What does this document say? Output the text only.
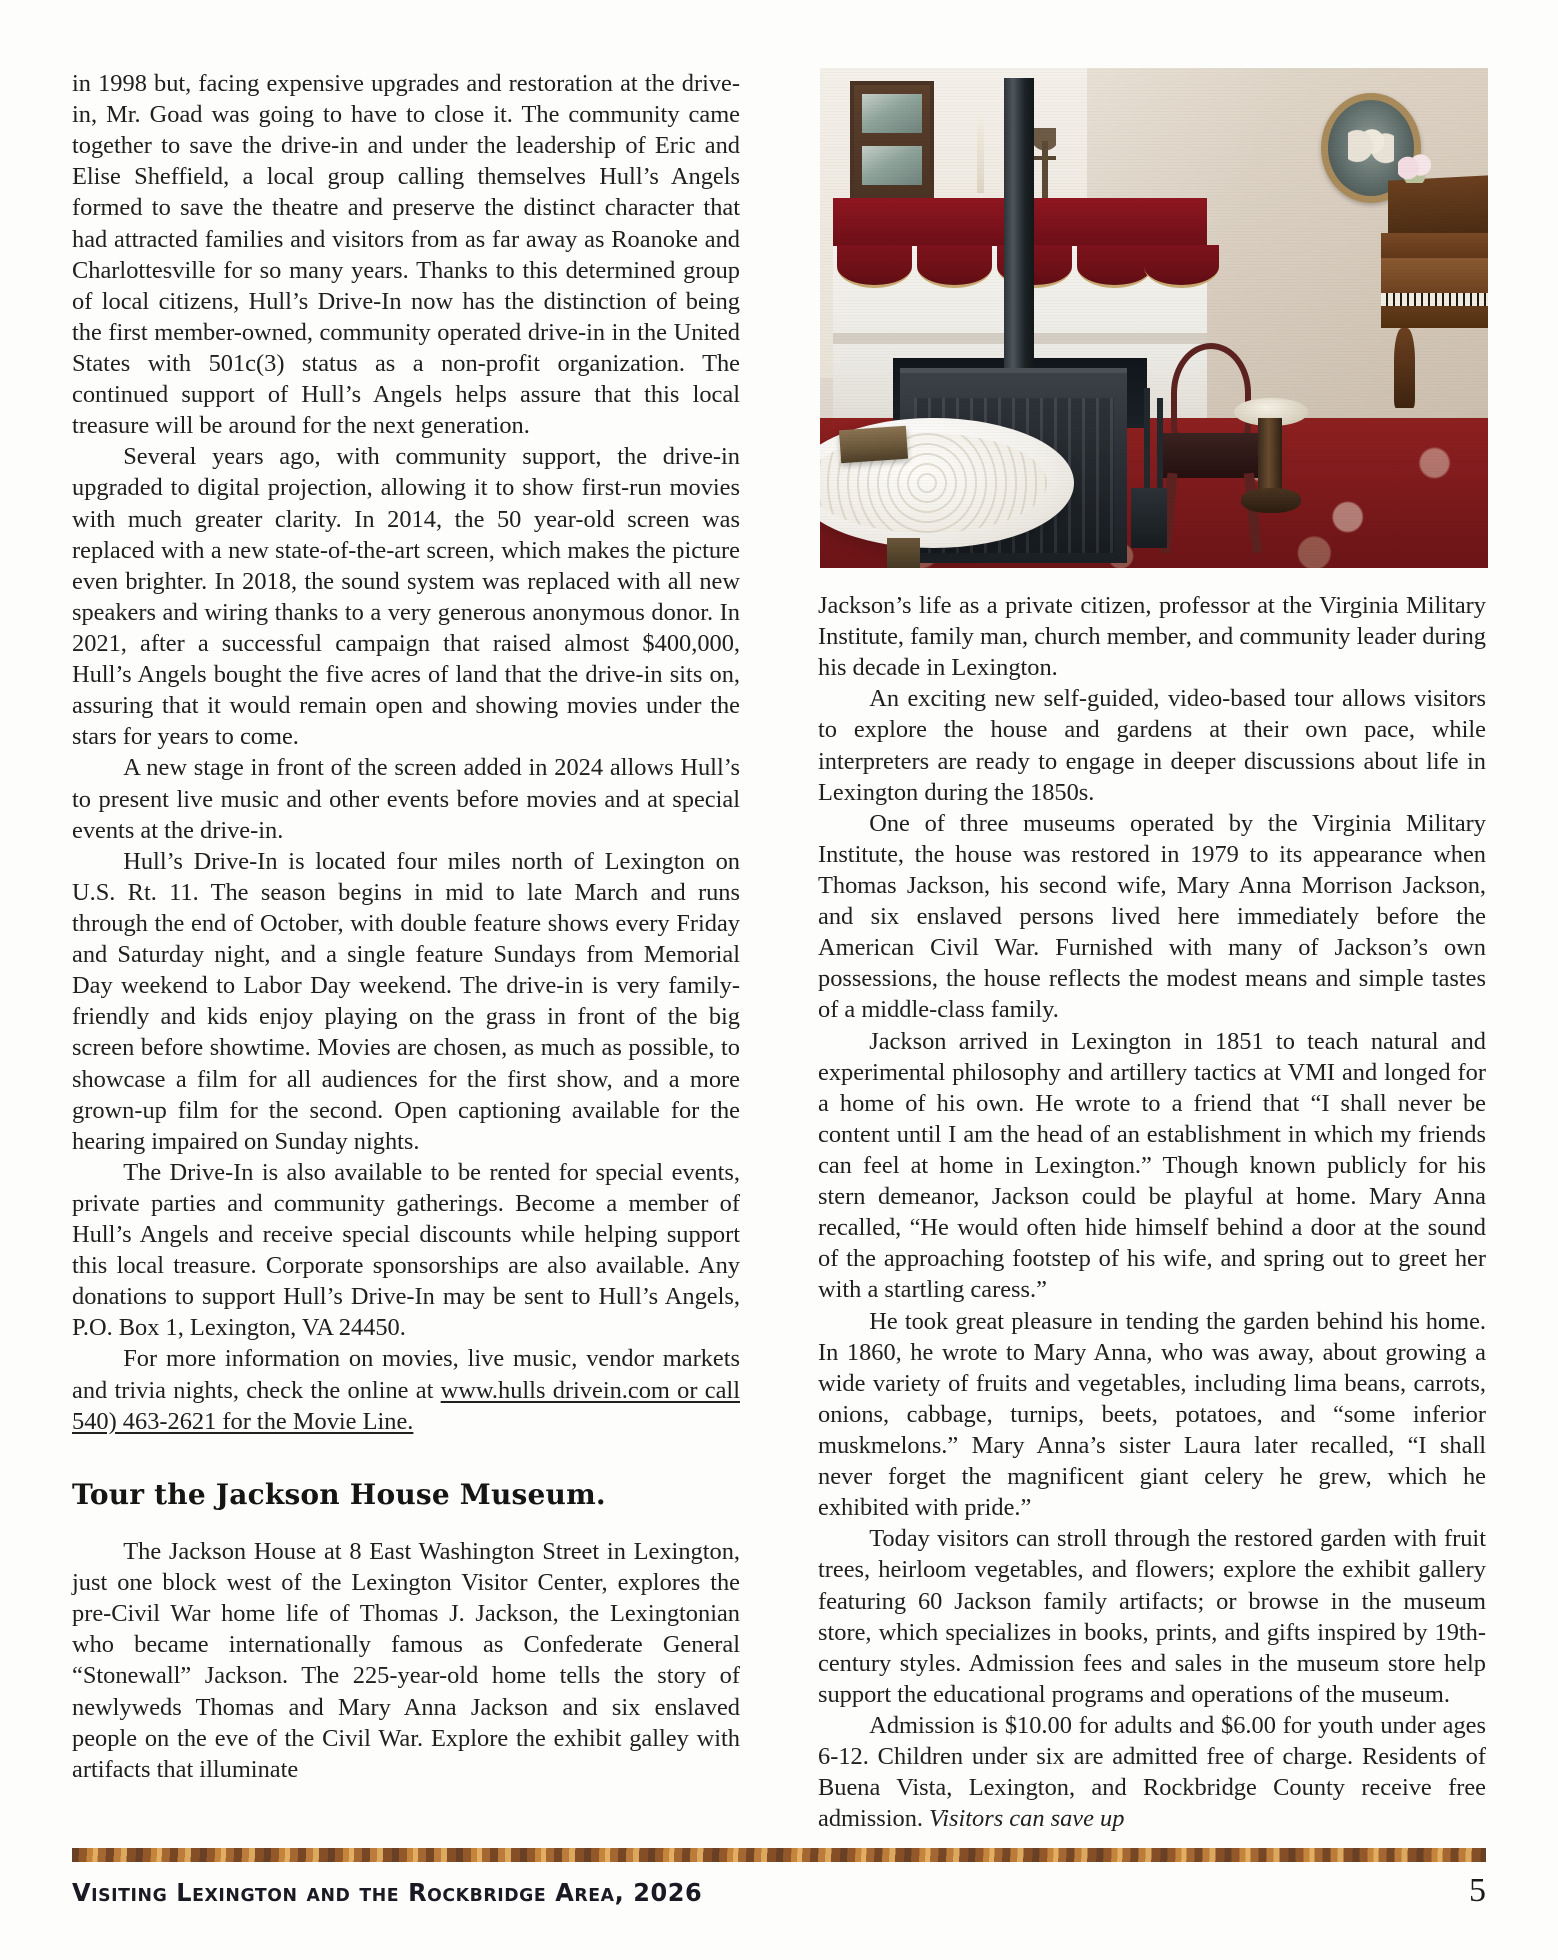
in 1998 but, facing expensive upgrades and restoration at the drive-in, Mr. Goad was going to have to close it. The community came together to save the drive-in and under the leadership of Eric and Elise Sheffield, a local group calling themselves Hull’s Angels formed to save the theatre and preserve the distinct character that had attracted families and visitors from as far away as Roanoke and Charlottesville for so many years. Thanks to this determined group of local citizens, Hull’s Drive-In now has the distinction of being the first member-owned, community operated drive-in in the United States with 501c(3) status as a non-profit organization. The continued support of Hull’s Angels helps assure that this local treasure will be around for the next generation.

Several years ago, with community support, the drive-in upgraded to digital projection, allowing it to show first-run movies with much greater clarity. In 2014, the 50 year-old screen was replaced with a new state-of-the-art screen, which makes the picture even brighter. In 2018, the sound system was replaced with all new speakers and wiring thanks to a very generous anonymous donor. In 2021, after a successful campaign that raised almost $400,000, Hull’s Angels bought the five acres of land that the drive-in sits on, assuring that it would remain open and showing movies under the stars for years to come.

A new stage in front of the screen added in 2024 allows Hull’s to present live music and other events before movies and at special events at the drive-in.

Hull’s Drive-In is located four miles north of Lexington on U.S. Rt. 11. The season begins in mid to late March and runs through the end of October, with double feature shows every Friday and Saturday night, and a single feature Sundays from Memorial Day weekend to Labor Day weekend. The drive-in is very family-friendly and kids enjoy playing on the grass in front of the big screen before showtime. Movies are chosen, as much as possible, to showcase a film for all audiences for the first show, and a more grown-up film for the second. Open captioning available for the hearing impaired on Sunday nights.

The Drive-In is also available to be rented for special events, private parties and community gatherings. Become a member of Hull’s Angels and receive special discounts while helping support this local treasure. Corporate sponsorships are also available. Any donations to support Hull’s Drive-In may be sent to Hull’s Angels, P.O. Box 1, Lexington, VA 24450.

For more information on movies, live music, vendor markets and trivia nights, check the online at www.hulls drivein.com or call 540) 463-2621 for the Movie Line.

Tour the Jackson House Museum.

The Jackson House at 8 East Washington Street in Lexington, just one block west of the Lexington Visitor Center, explores the pre-Civil War home life of Thomas J. Jackson, the Lexingtonian who became internationally famous as Confederate General “Stonewall” Jackson. The 225-year-old home tells the story of newlyweds Thomas and Mary Anna Jackson and six enslaved people on the eve of the Civil War. Explore the exhibit galley with artifacts that illuminate

Jackson’s life as a private citizen, professor at the Virginia Military Institute, family man, church member, and community leader during his decade in Lexington.

An exciting new self-guided, video-based tour allows visitors to explore the house and gardens at their own pace, while interpreters are ready to engage in deeper discussions about life in Lexington during the 1850s.

One of three museums operated by the Virginia Military Institute, the house was restored in 1979 to its appearance when Thomas Jackson, his second wife, Mary Anna Morrison Jackson, and six enslaved persons lived here immediately before the American Civil War. Furnished with many of Jackson’s own possessions, the house reflects the modest means and simple tastes of a middle-class family.

Jackson arrived in Lexington in 1851 to teach natural and experimental philosophy and artillery tactics at VMI and longed for a home of his own. He wrote to a friend that “I shall never be content until I am the head of an establishment in which my friends can feel at home in Lexington.” Though known publicly for his stern demeanor, Jackson could be playful at home. Mary Anna recalled, “He would often hide himself behind a door at the sound of the approaching footstep of his wife, and spring out to greet her with a startling caress.”

He took great pleasure in tending the garden behind his home. In 1860, he wrote to Mary Anna, who was away, about growing a wide variety of fruits and vegetables, including lima beans, carrots, onions, cabbage, turnips, beets, potatoes, and “some inferior muskmelons.” Mary Anna’s sister Laura later recalled, “I shall never forget the magnificent giant celery he grew, which he exhibited with pride.”

Today visitors can stroll through the restored garden with fruit trees, heirloom vegetables, and flowers; explore the exhibit gallery featuring 60 Jackson family artifacts; or browse in the museum store, which specializes in books, prints, and gifts inspired by 19th- century styles. Admission fees and sales in the museum store help support the educational programs and operations of the museum.

Admission is $10.00 for adults and $6.00 for youth under ages 6-12. Children under six are admitted free of charge. Residents of Buena Vista, Lexington, and Rockbridge County receive free admission. Visitors can save up

Visiting Lexington and the Rockbridge Area, 2026	5
